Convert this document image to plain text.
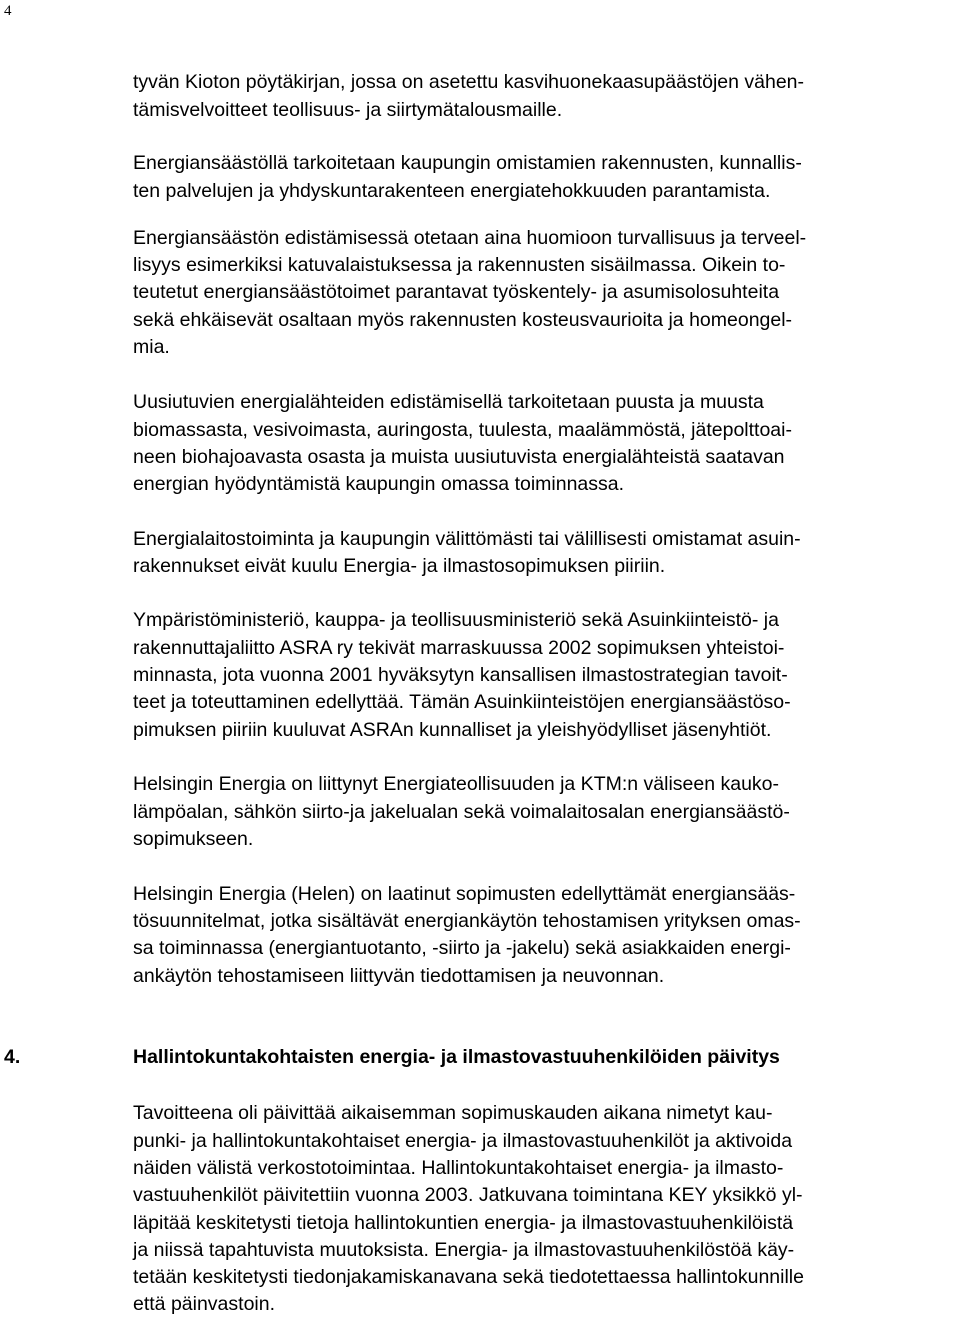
4
tyvän Kioton pöytäkirjan, jossa on asetettu kasvihuonekaasupäästöjen vähen-
tämisvelvoitteet teollisuus- ja siirtymätalousmaille.
Energiansäästöllä tarkoitetaan kaupungin omistamien rakennusten, kunnallis-
ten palvelujen ja yhdyskuntarakenteen energiatehokkuuden parantamista.
Energiansäästön edistämisessä otetaan aina huomioon turvallisuus ja terveel-
lisyys esimerkiksi katuvalaistuksessa ja rakennusten sisäilmassa. Oikein to-
teutetut energiansäästötoimet parantavat työskentely- ja asumisolosuhteita
sekä ehkäisevät osaltaan myös rakennusten kosteusvaurioita ja homeongel-
mia.
Uusiutuvien energialähteiden edistämisellä tarkoitetaan puusta ja muusta
biomassasta, vesivoimasta, auringosta, tuulesta, maalämmöstä, jätepolttoai-
neen biohajoavasta osasta ja muista uusiutuvista energialähteistä saatavan
energian hyödyntämistä kaupungin omassa toiminnassa.
Energialaitostoiminta ja kaupungin välittömästi tai välillisesti omistamat asuin-
rakennukset eivät kuulu Energia- ja ilmastosopimuksen piiriin.
Ympäristöministeriö, kauppa- ja teollisuusministeriö sekä Asuinkiinteistö- ja
rakennuttajaliitto ASRA ry tekivät marraskuussa 2002 sopimuksen yhteistoi-
minnasta, jota vuonna 2001 hyväksytyn kansallisen ilmastostrategian tavoit-
teet ja toteuttaminen edellyttää. Tämän Asuinkiinteistöjen energiansäästöso-
pimuksen piiriin kuuluvat ASRAn kunnalliset ja yleishyödylliset jäsenyhtiöt.
Helsingin Energia on liittynyt Energiateollisuuden ja KTM:n väliseen kauko-
lämpöalan, sähkön siirto-ja jakelualan sekä voimalaitosalan energiansäästö-
sopimukseen.
Helsingin Energia (Helen) on laatinut sopimusten edellyttämät energiansääs-
tösuunnitelmat, jotka sisältävät energiankäytön tehostamisen yrityksen omas-
sa toiminnassa (energiantuotanto, -siirto ja -jakelu) sekä asiakkaiden energi-
ankäytön tehostamiseen liittyvän tiedottamisen ja neuvonnan.
4.	Hallintokuntakohtaisten energia- ja ilmastovastuuhenkilöiden päivitys
Tavoitteena oli päivittää aikaisemman sopimuskauden aikana nimetyt kau-
punki- ja hallintokuntakohtaiset energia- ja ilmastovastuuhenkilöt ja aktivoida
näiden välistä verkostotoimintaa. Hallintokuntakohtaiset energia- ja ilmasto-
vastuuhenkilöt päivitettiin vuonna 2003. Jatkuvana toimintana KEY yksikkö yl-
läpitää keskitetysti tietoja hallintokuntien energia- ja ilmastovastuuhenkilöistä
ja niissä tapahtuvista muutoksista. Energia- ja ilmastovastuuhenkilöstöä käy-
tetään keskitetysti tiedonjakamiskanavana sekä tiedotettaessa hallintokunnille
että päinvastoin.
